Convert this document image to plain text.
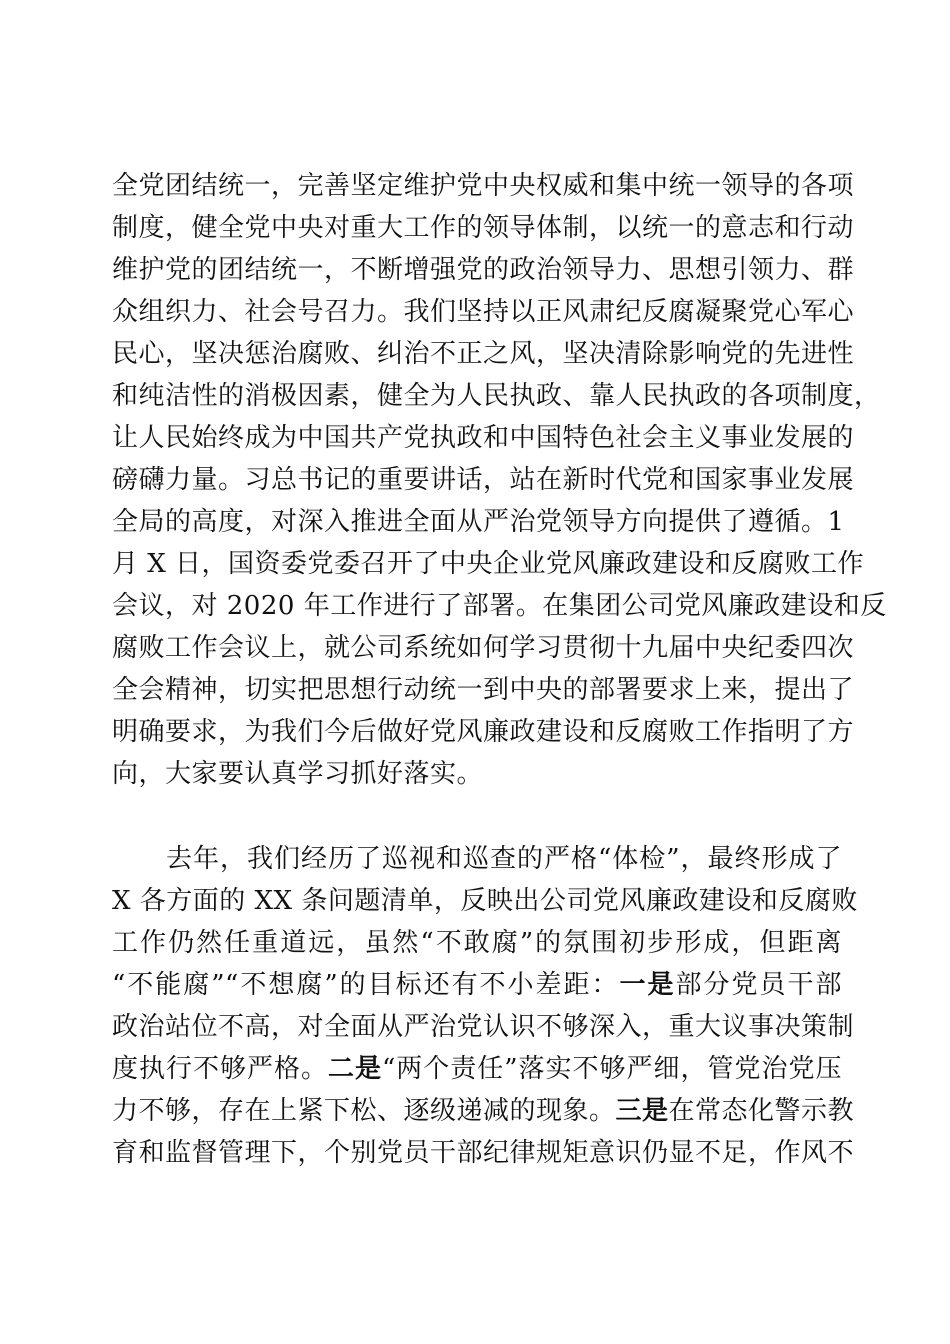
全党团结统一，完善坚定维护党中央权威和集中统一领导的各项
制度，健全党中央对重大工作的领导体制，以统一的意志和行动
维护党的团结统一，不断增强党的政治领导力、思想引领力、群
众组织力、社会号召力。我们坚持以正风肃纪反腐凝聚党心军心
民心，坚决惩治腐败、纠治不正之风，坚决清除影响党的先进性
和纯洁性的消极因素，健全为人民执政、靠人民执政的各项制度，
让人民始终成为中国共产党执政和中国特色社会主义事业发展的
磅礴力量。习总书记的重要讲话，站在新时代党和国家事业发展
全局的高度，对深入推进全面从严治党领导方向提供了遵循。1
月 X 日，国资委党委召开了中央企业党风廉政建设和反腐败工作
会议，对 2020 年工作进行了部署。在集团公司党风廉政建设和反
腐败工作会议上，就公司系统如何学习贯彻十九届中央纪委四次
全会精神，切实把思想行动统一到中央的部署要求上来，提出了
明确要求，为我们今后做好党风廉政建设和反腐败工作指明了方
向，大家要认真学习抓好落实。
去年，我们经历了巡视和巡查的严格“体检”，最终形成了
X 各方面的 XX 条问题清单，反映出公司党风廉政建设和反腐败
工作仍然任重道远，虽然“不敢腐”的氛围初步形成，但距离
“不能腐”“不想腐”的目标还有不小差距：一是部分党员干部
政治站位不高，对全面从严治党认识不够深入，重大议事决策制
度执行不够严格。二是“两个责任”落实不够严细，管党治党压
力不够，存在上紧下松、逐级递减的现象。三是在常态化警示教
育和监督管理下，个别党员干部纪律规矩意识仍显不足，作风不
